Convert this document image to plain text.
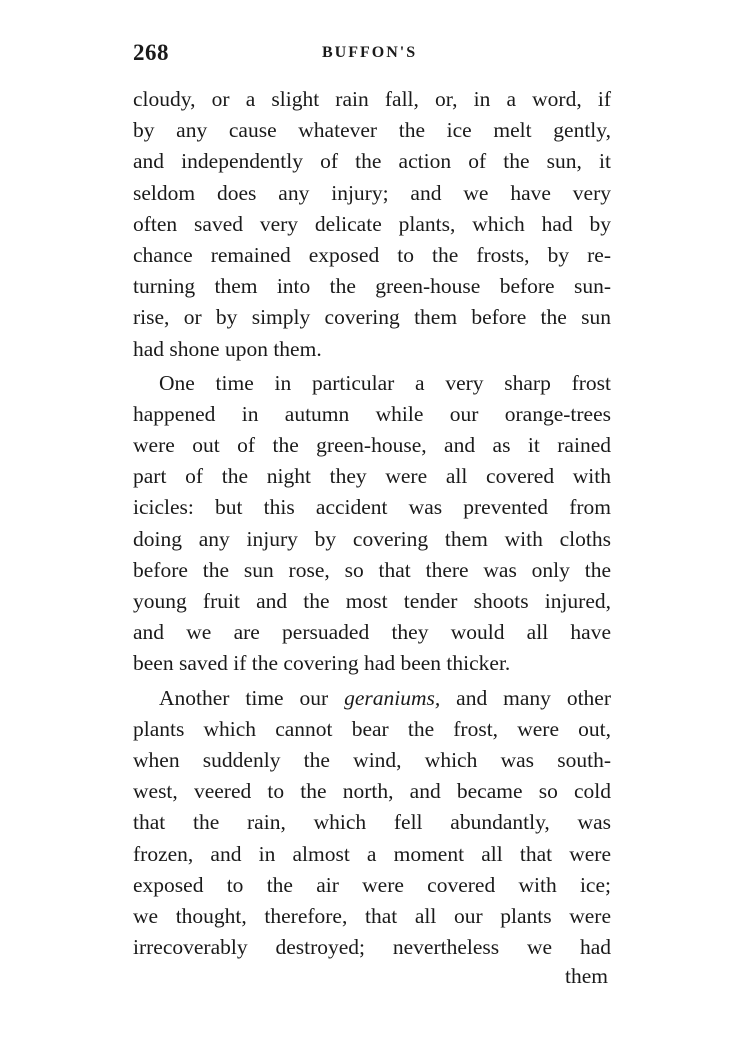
268	BUFFON'S
cloudy, or a slight rain fall, or, in a word, if
by any cause whatever the ice melt gently,
and independently of the action of the sun, it
seldom does any injury; and we have very
often saved very delicate plants, which had by
chance remained exposed to the frosts, by re-
turning them into the green-house before sun-
rise, or by simply covering them before the sun
had shone upon them.
One time in particular a very sharp frost
happened in autumn while our orange-trees
were out of the green-house, and as it rained
part of the night they were all covered with
icicles: but this accident was prevented from
doing any injury by covering them with cloths
before the sun rose, so that there was only the
young fruit and the most tender shoots injured,
and we are persuaded they would all have
been saved if the covering had been thicker.
Another time our geraniums, and many other
plants which cannot bear the frost, were out,
when suddenly the wind, which was south-
west, veered to the north, and became so cold
that the rain, which fell abundantly, was
frozen, and in almost a moment all that were
exposed to the air were covered with ice;
we thought, therefore, that all our plants were
irrecoverably destroyed; nevertheless we had
them
